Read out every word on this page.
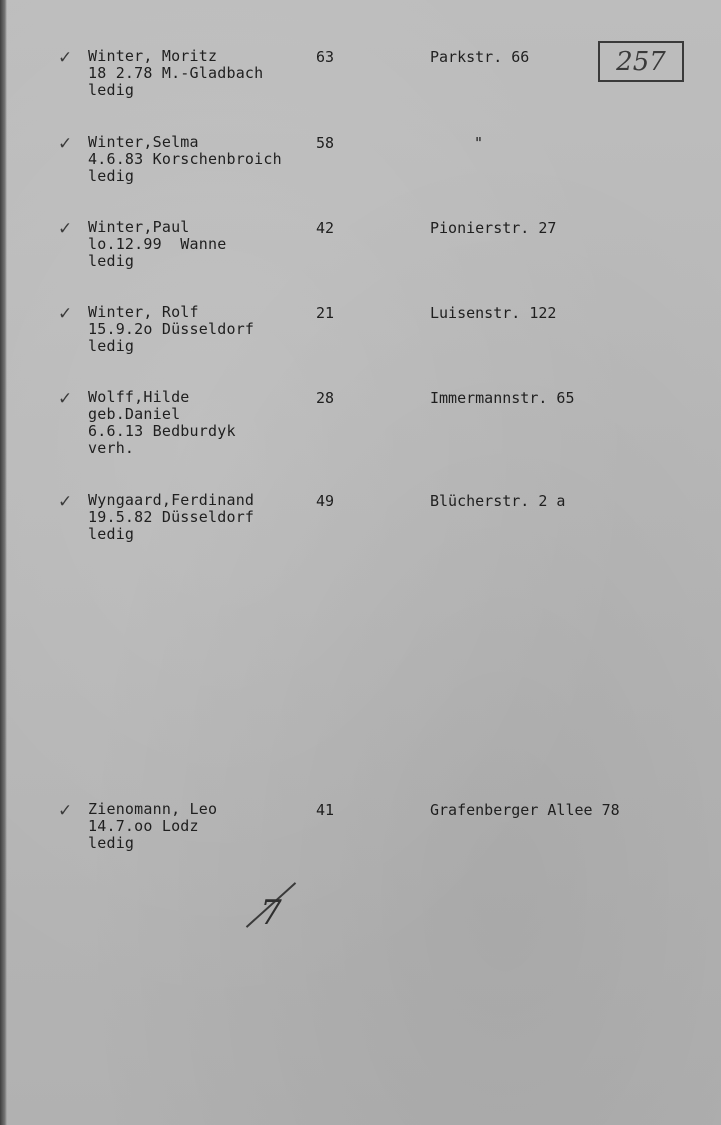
257
✓ Winter, Moritz
18 2.78 M.-Gladbach
ledig
63	Parkstr. 66
✓ Winter,Selma
4.6.83 Korschenbroich
ledig
58	"
✓ Winter,Paul
lo.12.99  Wanne
ledig
42	Pionierstr. 27
✓ Winter, Rolf
15.9.2o Düsseldorf
ledig
21	Luisenstr. 122
✓ Wolff,Hilde
geb.Daniel
6.6.13 Bedburdyk
verh.
28	Immermannstr. 65
✓ Wyngaard,Ferdinand
19.5.82 Düsseldorf
ledig
49	Blücherstr. 2 a
✓ Zienomann, Leo
14.7.oo Lodz
ledig
41	Grafenberger Allee 78
7
